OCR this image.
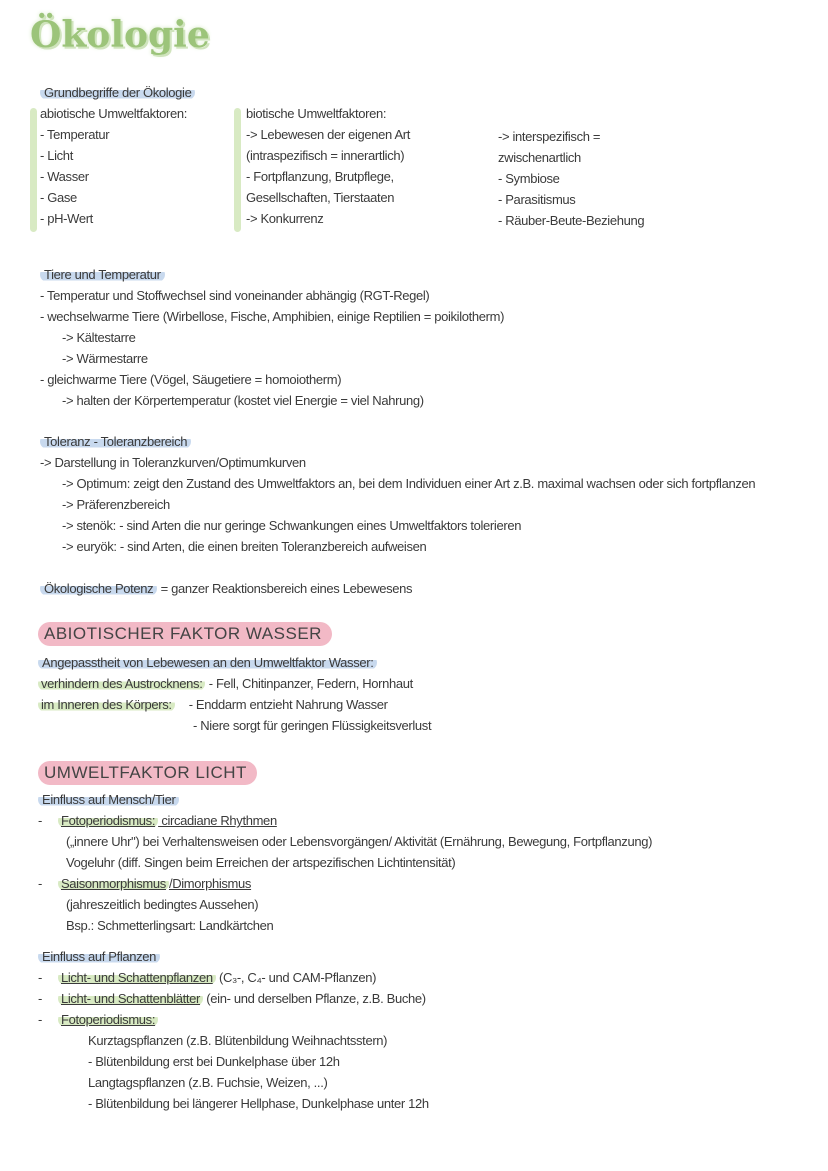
Ökologie
Grundbegriffe der Ökologie
abiotische Umweltfaktoren:
- Temperatur
- Licht
- Wasser
- Gase
- pH-Wert
biotische Umweltfaktoren:
-> Lebewesen der eigenen Art
(intraspezifisch = innerartlich)
- Fortpflanzung, Brutpflege,
Gesellschaften, Tierstaaten
-> Konkurrenz
-> interspezifisch =
zwischenartlich
- Symbiose
- Parasitismus
- Räuber-Beute-Beziehung
Tiere und Temperatur
- Temperatur und Stoffwechsel sind voneinander abhängig (RGT-Regel)
- wechselwarme Tiere (Wirbellose, Fische, Amphibien, einige Reptilien = poikilotherm)
-> Kältestarre
-> Wärmestarre
- gleichwarme Tiere (Vögel, Säugetiere = homoiotherm)
-> halten der Körpertemperatur (kostet viel Energie = viel Nahrung)
Toleranz - Toleranzbereich
-> Darstellung in Toleranzkurven/Optimumkurven
-> Optimum: zeigt den Zustand des Umweltfaktors an, bei dem Individuen einer Art z.B. maximal wachsen oder sich fortpflanzen
-> Präferenzbereich
-> stenök: - sind Arten die nur geringe Schwankungen eines Umweltfaktors tolerieren
-> euryök: - sind Arten, die einen breiten Toleranzbereich aufweisen
Ökologische Potenz = ganzer Reaktionsbereich eines Lebewesens
ABIOTISCHER FAKTOR WASSER
Angepasstheit von Lebewesen an den Umweltfaktor Wasser:
verhindern des Austrocknens: - Fell, Chitinpanzer, Federn, Hornhaut
im Inneren des Körpers: - Enddarm entzieht Nahrung Wasser
- Niere sorgt für geringen Flüssigkeitsverlust
UMWELTFAKTOR LICHT
Einfluss auf Mensch/Tier
- Fotoperiodismus: circadiane Rhythmen
(„innere Uhr") bei Verhaltensweisen oder Lebensvorgängen/ Aktivität (Ernährung, Bewegung, Fortpflanzung)
Vogeluhr (diff. Singen beim Erreichen der artspezifischen Lichtintensität)
- Saisonmorphismus /Dimorphismus
(jahreszeitlich bedingtes Aussehen)
Bsp.: Schmetterlingsart: Landkärtchen
Einfluss auf Pflanzen
- Licht- und Schattenpflanzen (C₃-, C₄- und CAM-Pflanzen)
- Licht- und Schattenblätter (ein- und derselben Pflanze, z.B. Buche)
- Fotoperiodismus:
Kurztagspflanzen (z.B. Blütenbildung Weihnachtsstern)
- Blütenbildung erst bei Dunkelphase über 12h
Langtagspflanzen (z.B. Fuchsie, Weizen, ...)
- Blütenbildung bei längerer Hellphase, Dunkelphase unter 12h
